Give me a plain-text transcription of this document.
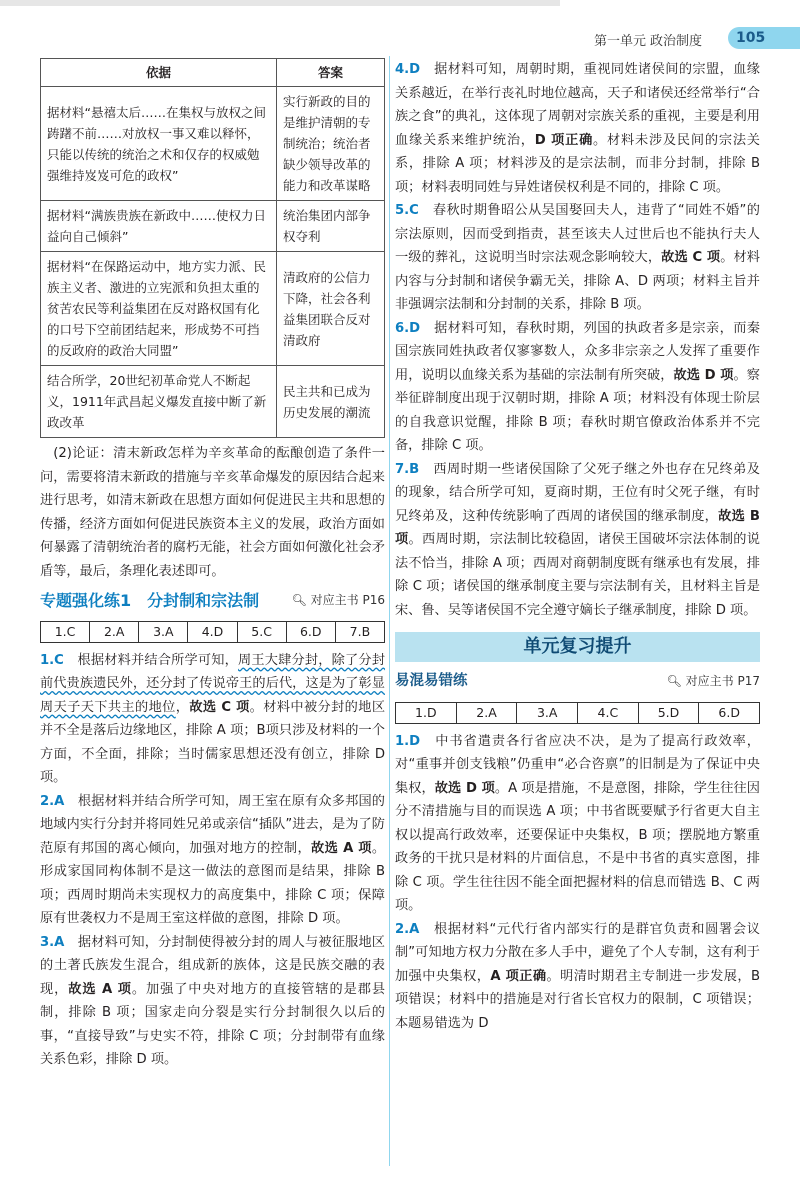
第一单元 政治制度	105
依据	答案
据材料“悬禧太后……在集权与放权之间踌躇不前……对放权一事又难以释怀，只能以传统的统治之术和仅存的权威勉强维持岌岌可危的政权”	实行新政的目的是维护清朝的专制统治；统治者缺少领导改革的能力和改革谋略
据材料“满族贵族在新政中……使权力日益向自己倾斜”	统治集团内部争权夺利
据材料“在保路运动中，地方实力派、民族主义者、激进的立宪派和负担太重的贫苦农民等利益集团在反对路权国有化的口号下空前团结起来，形成势不可挡的反政府的政治大同盟”	清政府的公信力下降，社会各利益集团联合反对清政府
结合所学，20世纪初革命党人不断起义，1911年武昌起义爆发直接中断了新政改革	民主共和已成为历史发展的潮流

(2)论证：清末新政怎样为辛亥革命的酝酿创造了条件一问，需要将清末新政的措施与辛亥革命爆发的原因结合起来进行思考，如清末新政在思想方面如何促进民主共和思想的传播，经济方面如何促进民族资本主义的发展，政治方面如何暴露了清朝统治者的腐朽无能，社会方面如何激化社会矛盾等，最后，条理化表述即可。

专题强化练1　分封制和宗法制	🔍︎ 对应主书 P16
1.C	2.A	3.A	4.D	5.C	6.D	7.B

1.C　根据材料并结合所学可知，周王大肆分封，除了分封前代贵族遗民外，还分封了传说帝王的后代，这是为了彰显周天子天下共主的地位，故选 C 项。材料中被分封的地区并不全是落后边缘地区，排除 A 项；B项只涉及材料的一个方面，不全面，排除；当时儒家思想还没有创立，排除 D 项。

2.A　根据材料并结合所学可知，周王室在原有众多邦国的地域内实行分封并将同姓兄弟或亲信“插队”进去，是为了防范原有邦国的离心倾向，加强对地方的控制，故选 A 项。形成家国同构体制不是这一做法的意图而是结果，排除 B 项；西周时期尚未实现权力的高度集中，排除 C 项；保障原有世袭权力不是周王室这样做的意图，排除 D 项。

3.A　据材料可知，分封制使得被分封的周人与被征服地区的土著氏族发生混合，组成新的族体，这是民族交融的表现，故选 A 项。加强了中央对地方的直接管辖的是郡县制，排除 B 项；国家走向分裂是实行分封制很久以后的事，“直接导致”与史实不符，排除 C 项；分封制带有血缘关系色彩，排除 D 项。

4.D　据材料可知，周朝时期，重视同姓诸侯间的宗盟，血缘关系越近，在举行丧礼时地位越高，天子和诸侯还经常举行“合族之食”的典礼，这体现了周朝对宗族关系的重视，主要是利用血缘关系来维护统治，D 项正确。材料未涉及民间的宗法关系，排除 A 项；材料涉及的是宗法制，而非分封制，排除 B 项；材料表明同姓与异姓诸侯权利是不同的，排除 C 项。

5.C　春秋时期鲁昭公从吴国娶回夫人，违背了“同姓不婚”的宗法原则，因而受到指责，甚至该夫人过世后也不能执行夫人一级的葬礼，这说明当时宗法观念影响较大，故选 C 项。材料内容与分封制和诸侯争霸无关，排除 A、D 两项；材料主旨并非强调宗法制和分封制的关系，排除 B 项。

6.D　据材料可知，春秋时期，列国的执政者多是宗亲，而秦国宗族同姓执政者仅寥寥数人，众多非宗亲之人发挥了重要作用，说明以血缘关系为基础的宗法制有所突破，故选 D 项。察举征辟制度出现于汉朝时期，排除 A 项；材料没有体现士阶层的自我意识觉醒，排除 B 项；春秋时期官僚政治体系并不完备，排除 C 项。

7.B　西周时期一些诸侯国除了父死子继之外也存在兄终弟及的现象，结合所学可知，夏商时期，王位有时父死子继，有时兄终弟及，这种传统影响了西周的诸侯国的继承制度，故选 B 项。西周时期，宗法制比较稳固，诸侯王国破坏宗法体制的说法不恰当，排除 A 项；西周对商朝制度既有继承也有发展，排除 C 项；诸侯国的继承制度主要与宗法制有关，且材料主旨是宋、鲁、吴等诸侯国不完全遵守嫡长子继承制度，排除 D 项。

单元复习提升
易混易错练	🔍︎ 对应主书 P17
1.D	2.A	3.A	4.C	5.D	6.D

1.D　中书省遣责各行省应决不决，是为了提高行政效率，对“重事并创支钱粮”仍重申“必合咨禀”的旧制是为了保证中央集权，故选 D 项。A 项是措施，不是意图，排除，学生往往因分不清措施与目的而误选 A 项；中书省既要赋予行省更大自主权以提高行政效率，还要保证中央集权，B 项；摆脱地方繁重政务的干扰只是材料的片面信息，不是中书省的真实意图，排除 C 项。学生往往因不能全面把握材料的信息而错选 B、C 两项。

2.A　根据材料“元代行省内部实行的是群官负责和圆署会议制”可知地方权力分散在多人手中，避免了个人专制，这有利于加强中央集权，A 项正确。明清时期君主专制进一步发展，B 项错误；材料中的措施是对行省长官权力的限制，C 项错误；本题易错选为 D
